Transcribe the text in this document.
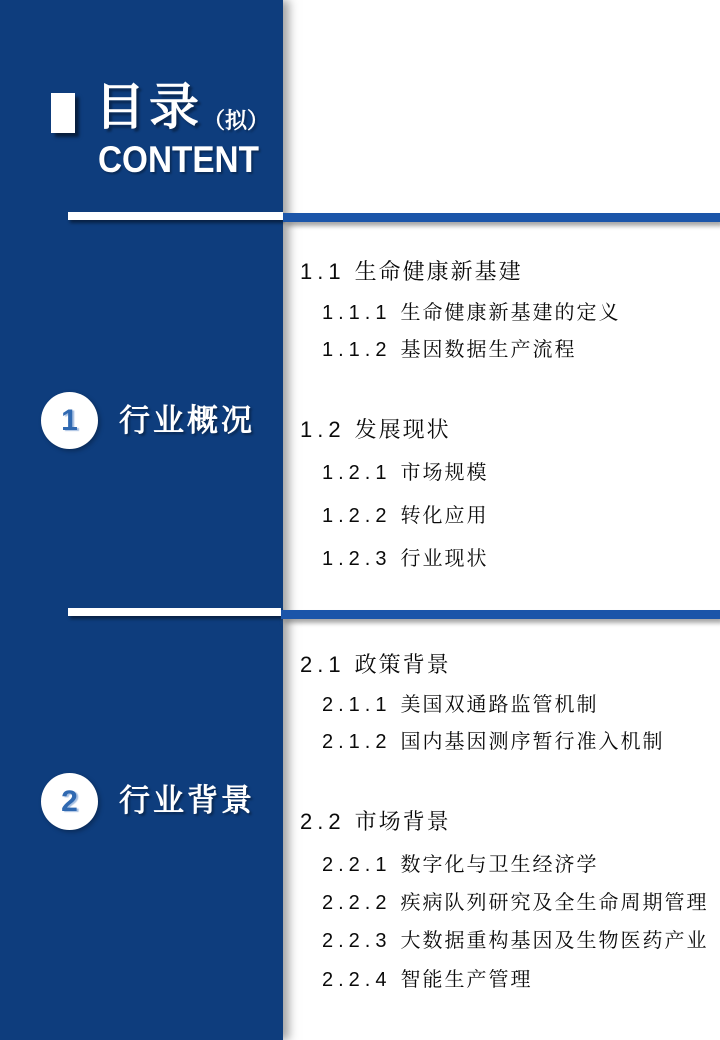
目录 （拟）
CONTENT
1 行业概况
2 行业背景
1.1 生命健康新基建
1.1.1 生命健康新基建的定义
1.1.2 基因数据生产流程
1.2 发展现状
1.2.1 市场规模
1.2.2 转化应用
1.2.3 行业现状
2.1 政策背景
2.1.1 美国双通路监管机制
2.1.2 国内基因测序暂行准入机制
2.2 市场背景
2.2.1 数字化与卫生经济学
2.2.2 疾病队列研究及全生命周期管理
2.2.3 大数据重构基因及生物医药产业
2.2.4 智能生产管理
